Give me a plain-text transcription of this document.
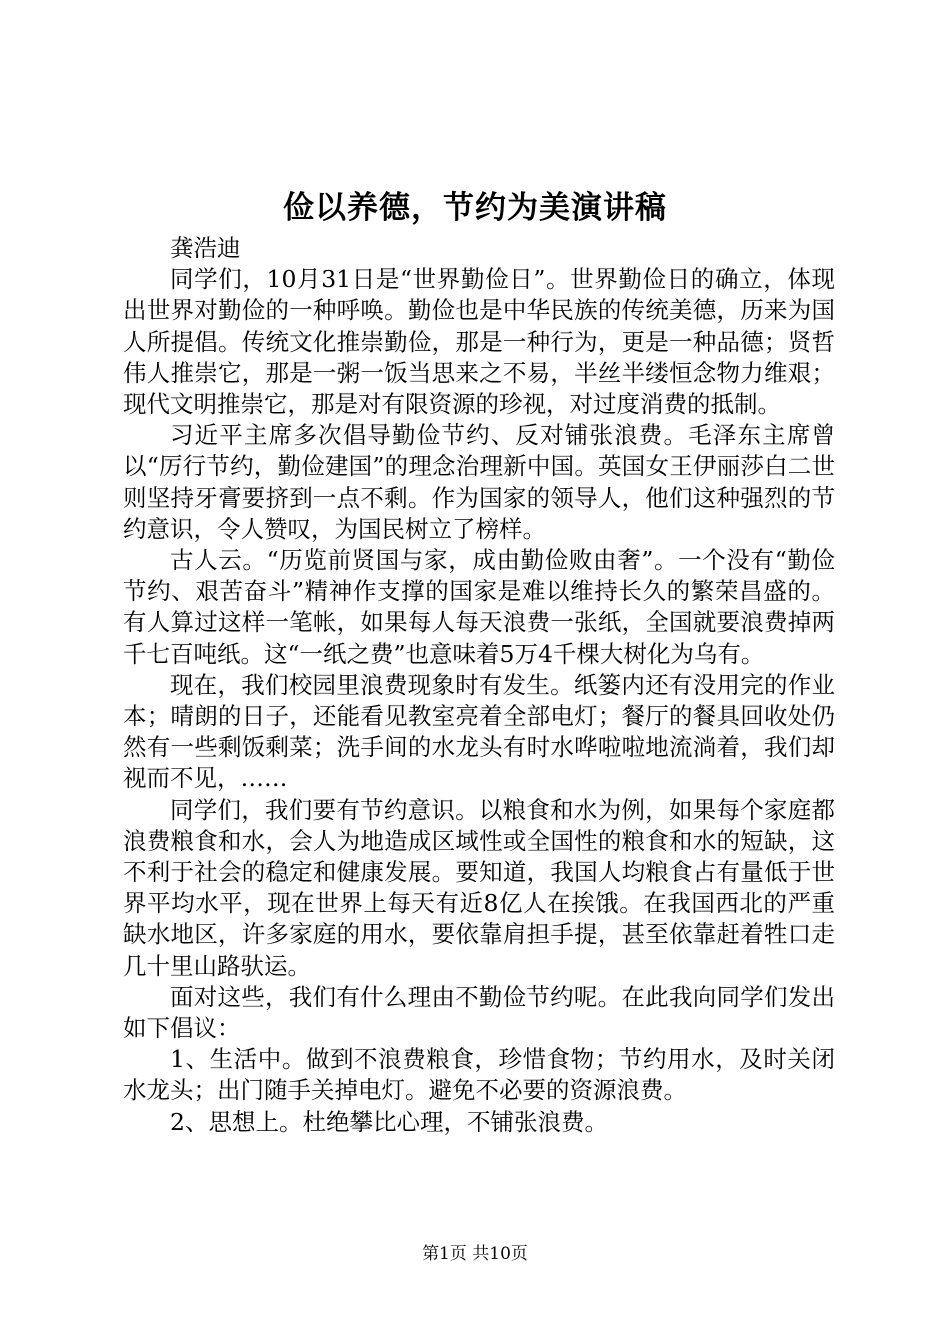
俭以养德，节约为美演讲稿

龚浩迪

同学们，10月31日是“世界勤俭日”。世界勤俭日的确立，体现出世界对勤俭的一种呼唤。勤俭也是中华民族的传统美德，历来为国人所提倡。传统文化推崇勤俭，那是一种行为，更是一种品德；贤哲伟人推崇它，那是一粥一饭当思来之不易，半丝半缕恒念物力维艰；现代文明推崇它，那是对有限资源的珍视，对过度消费的抵制。

习近平主席多次倡导勤俭节约、反对铺张浪费。毛泽东主席曾以“厉行节约，勤俭建国”的理念治理新中国。英国女王伊丽莎白二世则坚持牙膏要挤到一点不剩。作为国家的领导人，他们这种强烈的节约意识，令人赞叹，为国民树立了榜样。

古人云。“历览前贤国与家，成由勤俭败由奢”。一个没有“勤俭节约、艰苦奋斗”精神作支撑的国家是难以维持长久的繁荣昌盛的。有人算过这样一笔帐，如果每人每天浪费一张纸，全国就要浪费掉两千七百吨纸。这“一纸之费”也意味着5万4千棵大树化为乌有。

现在，我们校园里浪费现象时有发生。纸篓内还有没用完的作业本；晴朗的日子，还能看见教室亮着全部电灯；餐厅的餐具回收处仍然有一些剩饭剩菜；洗手间的水龙头有时水哗啦啦地流淌着，我们却视而不见，……

同学们，我们要有节约意识。以粮食和水为例，如果每个家庭都浪费粮食和水，会人为地造成区域性或全国性的粮食和水的短缺，这不利于社会的稳定和健康发展。要知道，我国人均粮食占有量低于世界平均水平，现在世界上每天有近8亿人在挨饿。在我国西北的严重缺水地区，许多家庭的用水，要依靠肩担手提，甚至依靠赶着牲口走几十里山路驮运。

面对这些，我们有什么理由不勤俭节约呢。在此我向同学们发出如下倡议：

1、生活中。做到不浪费粮食，珍惜食物；节约用水，及时关闭水龙头；出门随手关掉电灯。避免不必要的资源浪费。

2、思想上。杜绝攀比心理，不铺张浪费。

第1页 共10页
